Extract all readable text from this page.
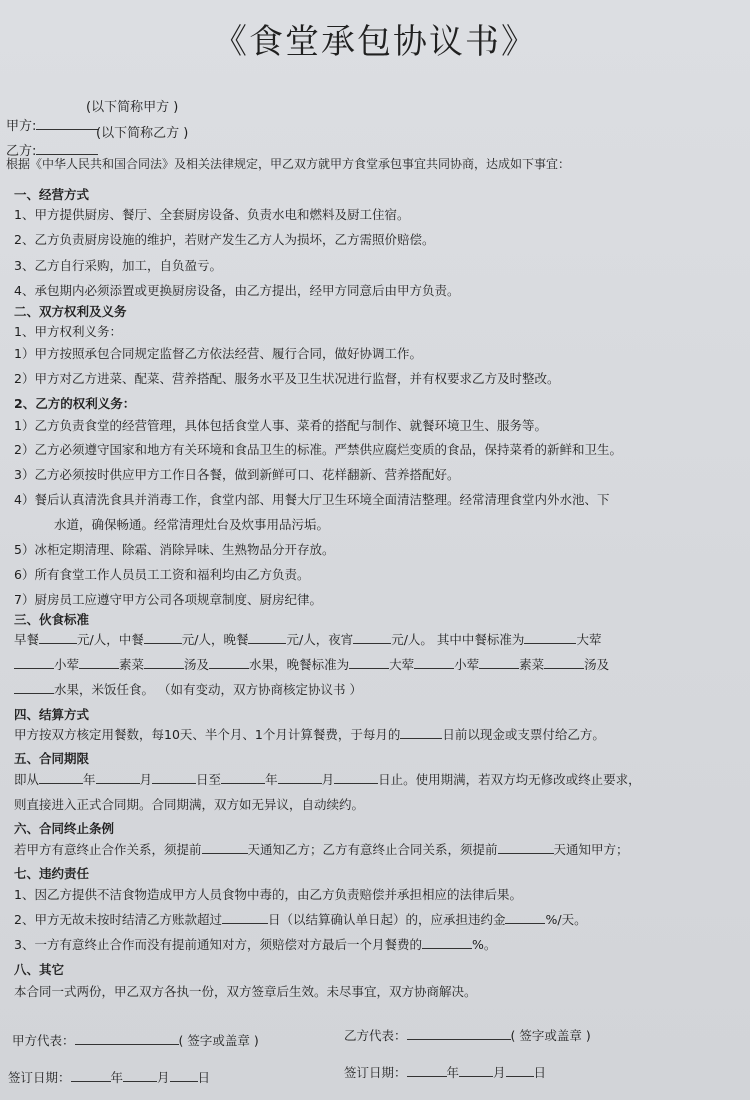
《食堂承包协议书》
(以下简称甲方 )
甲方:	(以下简称乙方 )
乙方:
根据《中华人民共和国合同法》及相关法律规定，甲乙双方就甲方食堂承包事宜共同协商，达成如下事宜：
一、经营方式
1、甲方提供厨房、餐厅、全套厨房设备、负责水电和燃料及厨工住宿。
2、乙方负责厨房设施的维护，若财产发生乙方人为损坏，乙方需照价赔偿。
3、乙方自行采购，加工，自负盈亏。
4、承包期内必须添置或更换厨房设备，由乙方提出，经甲方同意后由甲方负责。
二、双方权利及义务
1、甲方权利义务：
1）甲方按照承包合同规定监督乙方依法经营、履行合同，做好协调工作。
2）甲方对乙方进菜、配菜、营养搭配、服务水平及卫生状况进行监督，并有权要求乙方及时整改。
2、乙方的权利义务：
1）乙方负责食堂的经营管理，具体包括食堂人事、菜肴的搭配与制作、就餐环境卫生、服务等。
2）乙方必须遵守国家和地方有关环境和食品卫生的标准。严禁供应腐烂变质的食品，保持菜肴的新鲜和卫生。
3）乙方必须按时供应甲方工作日各餐，做到新鲜可口、花样翻新、营养搭配好。
4）餐后认真清洗食具并消毒工作，食堂内部、用餐大厅卫生环境全面清洁整理。经常清理食堂内外水池、下
水道，确保畅通。经常清理灶台及炊事用品污垢。
5）冰柜定期清理、除霜、消除异味、生熟物品分开存放。
6）所有食堂工作人员员工工资和福利均由乙方负责。
7）厨房员工应遵守甲方公司各项规章制度、厨房纪律。
三、伙食标准
早餐	元/人，中餐	元/人，晚餐	元/人，夜宵	元/人。 其中中餐标准为	大荤
小荤	素菜	汤及	水果，晚餐标准为	大荤	小荤	素菜	汤及
水果，米饭任食。 （如有变动，双方协商核定协议书 ）
四、结算方式
甲方按双方核定用餐数，每10天、半个月、1个月计算餐费，于每月的	日前以现金或支票付给乙方。
五、合同期限
即从	年	月	日至	年	月	日止。使用期满，若双方均无修改或终止要求，
则直接进入正式合同期。合同期满，双方如无异议，自动续约。
六、合同终止条例
若甲方有意终止合作关系，须提前	天通知乙方；乙方有意终止合同关系，须提前	天通知甲方；
七、违约责任
1、因乙方提供不洁食物造成甲方人员食物中毒的，由乙方负责赔偿并承担相应的法律后果。
2、甲方无故未按时结清乙方账款超过	日（以结算确认单日起）的，应承担违约金	%/天。
3、一方有意终止合作而没有提前通知对方，须赔偿对方最后一个月餐费的	%。
八、其它
本合同一式两份，甲乙双方各执一份，双方签章后生效。未尽事宜，双方协商解决。
甲方代表：	( 签字或盖章 )	乙方代表：	( 签字或盖章 )
签订日期：	年	月 日	签订日期：	年	月 日
